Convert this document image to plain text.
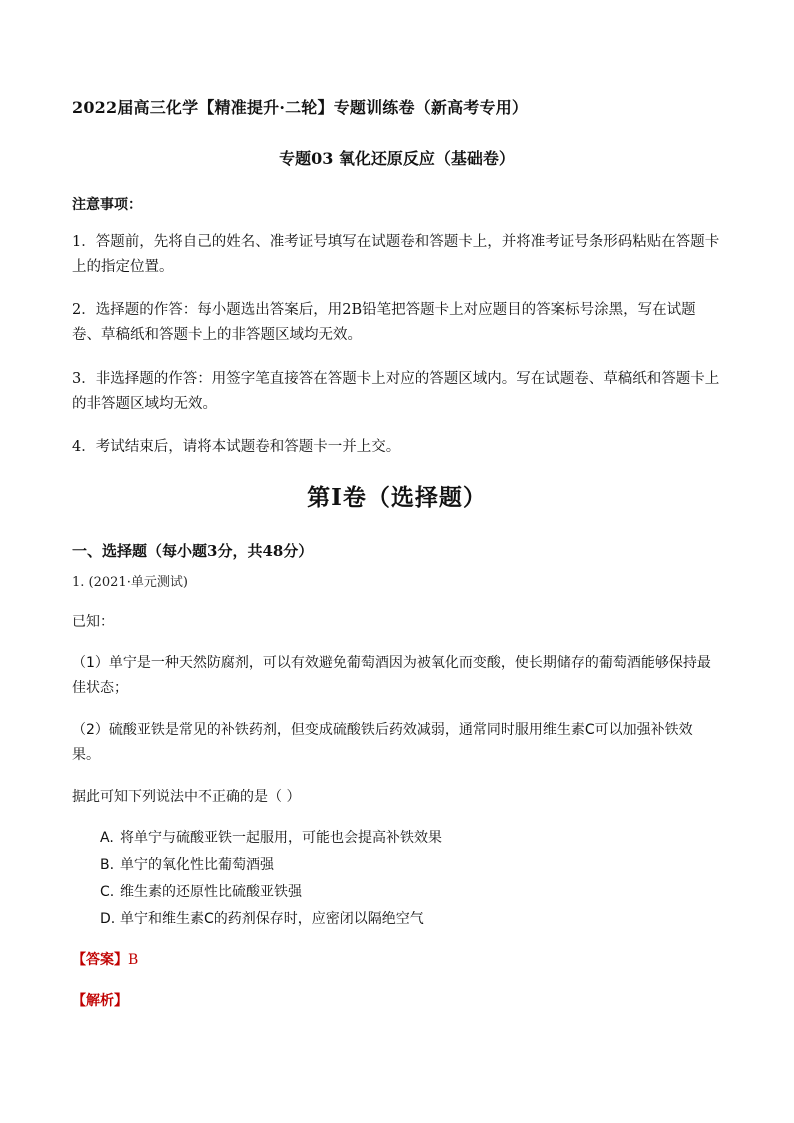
2022届高三化学【精准提升·二轮】专题训练卷（新高考专用）
专题03 氧化还原反应（基础卷）
注意事项：
1．答题前，先将自己的姓名、准考证号填写在试题卷和答题卡上，并将准考证号条形码粘贴在答题卡上的指定位置。
2．选择题的作答：每小题选出答案后，用2B铅笔把答题卡上对应题目的答案标号涂黑，写在试题卷、草稿纸和答题卡上的非答题区域均无效。
3．非选择题的作答：用签字笔直接答在答题卡上对应的答题区域内。写在试题卷、草稿纸和答题卡上的非答题区域均无效。
4．考试结束后，请将本试题卷和答题卡一并上交。
第Ⅰ卷（选择题）
一、选择题（每小题3分，共48分）
1. (2021·单元测试)
已知：
（1）单宁是一种天然防腐剂，可以有效避免葡萄酒因为被氧化而变酸，使长期储存的葡萄酒能够保持最
佳状态；
（2）硫酸亚铁是常见的补铁药剂，但变成硫酸铁后药效减弱，通常同时服用维生素C可以加强补铁效
果。
据此可知下列说法中不正确的是（ ）
A. 将单宁与硫酸亚铁一起服用，可能也会提高补铁效果
B. 单宁的氧化性比葡萄酒强
C. 维生素的还原性比硫酸亚铁强
D. 单宁和维生素C的药剂保存时，应密闭以隔绝空气
【答案】B
【解析】
